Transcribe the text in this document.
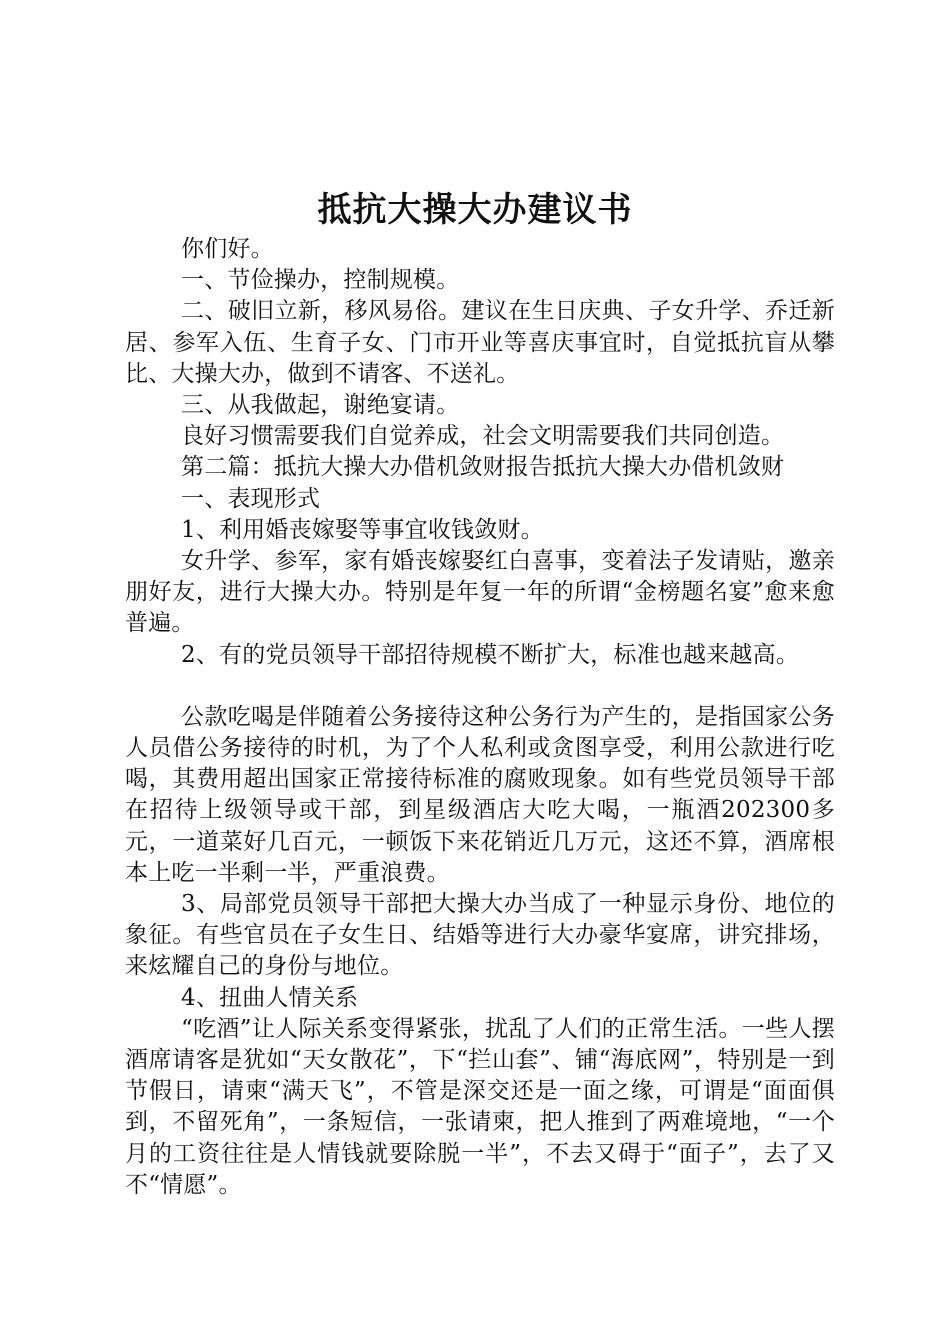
抵抗大操大办建议书

你们好。

一、节俭操办，控制规模。

二、破旧立新，移风易俗。建议在生日庆典、子女升学、乔迁新居、参军入伍、生育子女、门市开业等喜庆事宜时，自觉抵抗盲从攀比、大操大办，做到不请客、不送礼。

三、从我做起，谢绝宴请。

良好习惯需要我们自觉养成，社会文明需要我们共同创造。

第二篇：抵抗大操大办借机敛财报告抵抗大操大办借机敛财

一、表现形式

1、利用婚丧嫁娶等事宜收钱敛财。

女升学、参军，家有婚丧嫁娶红白喜事，变着法子发请贴，邀亲朋好友，进行大操大办。特别是年复一年的所谓“金榜题名宴”愈来愈普遍。

2、有的党员领导干部招待规模不断扩大，标准也越来越高。

公款吃喝是伴随着公务接待这种公务行为产生的，是指国家公务人员借公务接待的时机，为了个人私利或贪图享受，利用公款进行吃喝，其费用超出国家正常接待标准的腐败现象。如有些党员领导干部在招待上级领导或干部，到星级酒店大吃大喝，一瓶酒202300多元，一道菜好几百元，一顿饭下来花销近几万元，这还不算，酒席根本上吃一半剩一半，严重浪费。

3、局部党员领导干部把大操大办当成了一种显示身份、地位的象征。有些官员在子女生日、结婚等进行大办豪华宴席，讲究排场，来炫耀自己的身份与地位。

4、扭曲人情关系

“吃酒”让人际关系变得紧张，扰乱了人们的正常生活。一些人摆酒席请客是犹如“天女散花”，下“拦山套”、铺“海底网”，特别是一到节假日，请柬“满天飞”，不管是深交还是一面之缘，可谓是“面面俱到，不留死角”，一条短信，一张请柬，把人推到了两难境地，“一个月的工资往往是人情钱就要除脱一半”，不去又碍于“面子”，去了又不“情愿”。
